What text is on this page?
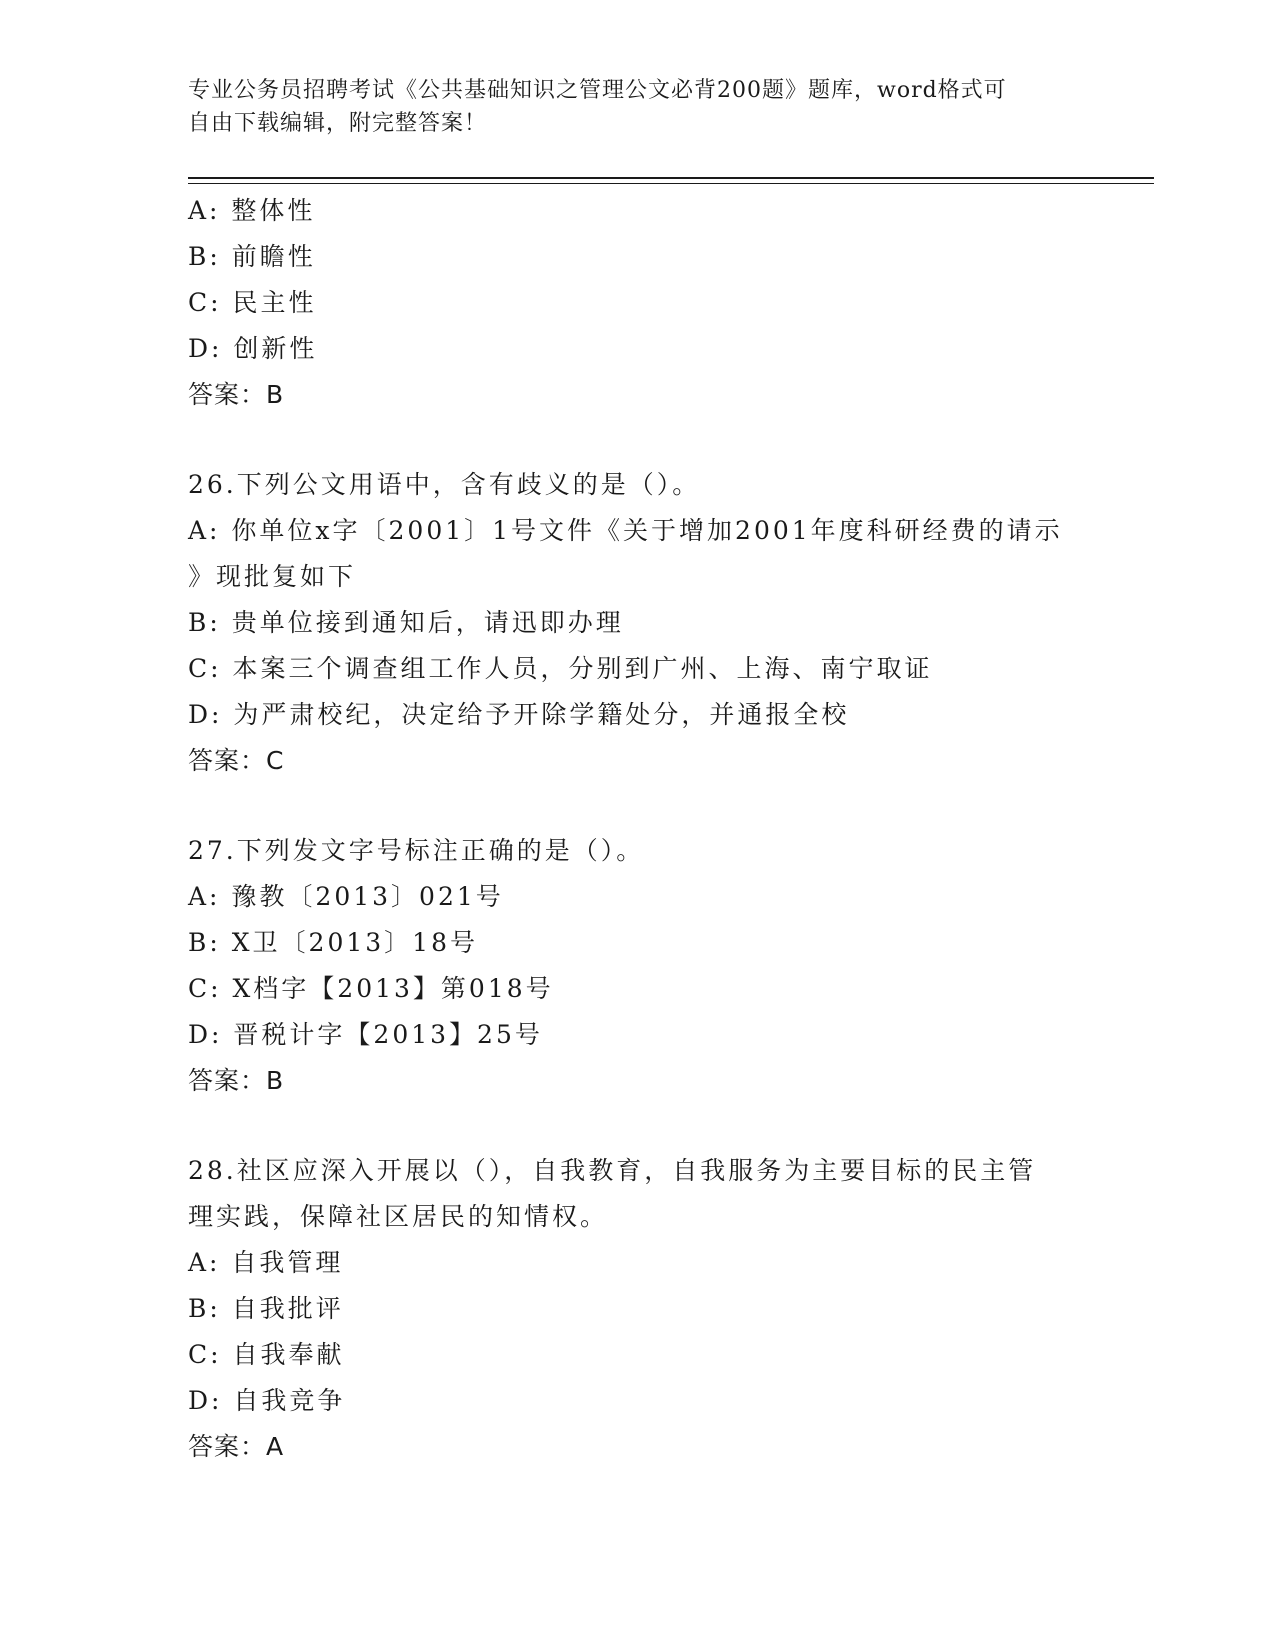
专业公务员招聘考试《公共基础知识之管理公文必背200题》题库，word格式可
自由下载编辑，附完整答案！
A: 整体性
B: 前瞻性
C: 民主性
D: 创新性
答案：B
26.下列公文用语中，含有歧义的是（）。
A: 你单位x字〔2001〕1号文件《关于增加2001年度科研经费的请示
》现批复如下
B: 贵单位接到通知后，请迅即办理
C: 本案三个调查组工作人员，分别到广州、上海、南宁取证
D: 为严肃校纪，决定给予开除学籍处分，并通报全校
答案：C
27.下列发文字号标注正确的是（）。
A: 豫教〔2013〕021号
B: X卫〔2013〕18号
C: X档字【2013】第018号
D: 晋税计字【2013】25号
答案：B
28.社区应深入开展以（），自我教育，自我服务为主要目标的民主管
理实践，保障社区居民的知情权。
A: 自我管理
B: 自我批评
C: 自我奉献
D: 自我竞争
答案：A
